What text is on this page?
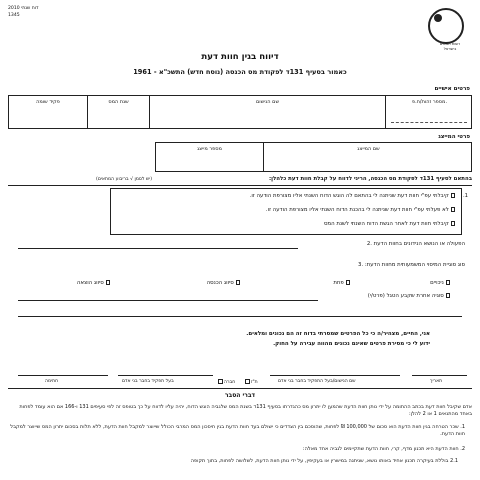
דוח שנתי 2010
1345
רשות המסים בישראל
דיווח בגין חוות דעת
כאמור בסעיף 131ד לפקודת מס הכנסה (נוסח חדש) התשכ"א - 1961
פרטים אישיים
פקיד שומה	שנת המס	שם הנישום	מספר זהות/ח.פ.
פרטי המייצג
מספר מייצג	שם המייצג
בהתאם לסעיף 131ד לפקודת מס הכנסה, הריני לדווח על קבלת חוות דעת כלהלן:
(יש לסמן √ בריבוע המתאים)
.1
קיבלתי עפ"י חוות דעת שניתנה לי בהתאם לה הוגש הדוח השנתי אליו מצורפת הודעה זו.
לא פעלתי עפ"י חוות דעת שניתנה לי בהכנת הדוח השנתי אליו מצורפת הודעה זו.
קיבלתי חוות דעת לאחר הגשת הדוח השנתי לשנת המס
הפעולה או הנושא הנידונים בחוות הדעת .2
סוג סוגיית המיסוי המשמעותית מחוות הדעת: .3
ניכויים
פחת
סיווג הכנסה
סיווג הוצאה
סוגיה אחרת שקבע הטגל (פרט/י)
אני, החיים, מצהיר/ה כי כל הפרטים שמסרתי בדוח זה הם נכונים ומלאים.
ידוע לי כי מסירת פרטים שאינם נכונים מהווה עבירה על החוק.
חתימה	בעל תפקיד בחבר בני אדם	חברה	ת"ז	שם הנישום/בעל התפקיד בחבר בני אדם	תאריך
דברי הסבר
אדם שקיבל חוות דעת בכתב ההתומה על ידי נותן חוות הדעת שהמען לו יתרון מס כהגדרתו בסעיף 131ד בשנת המס שלגביה הוגש הדוח, יהיה עליו לדווח על כך בטופס זה לפי סעיפים 131 ו-166 אם הוא עומד לפחות באחד מהתנאים 1 או 2 להלן:
1. שכר הטרחה בגין חוות הדעת הוא סכום של 100,000 ₪ לפחות, שהוסכם בין הצדדים כי ישולם בעד חוות הדעת בגין חיסכון המס המרבי הכולל שייוצר למקבל חוות הדעת, ללא תלות בסכום יתרון המס שייוצר למקבל חוות הדעת.
2. חוות הדעת היא תכנון מדף, קרי, חוות הדעת שתקיימים לגביה אחד מאלה:
2.1 בוללת בעיקרה תכנון אחיד באותו נושא, שניתנה במישרין או בעקיפין, על ידי נותן חוות הדעת, לשלושה לפחות, בתוך תקופה
